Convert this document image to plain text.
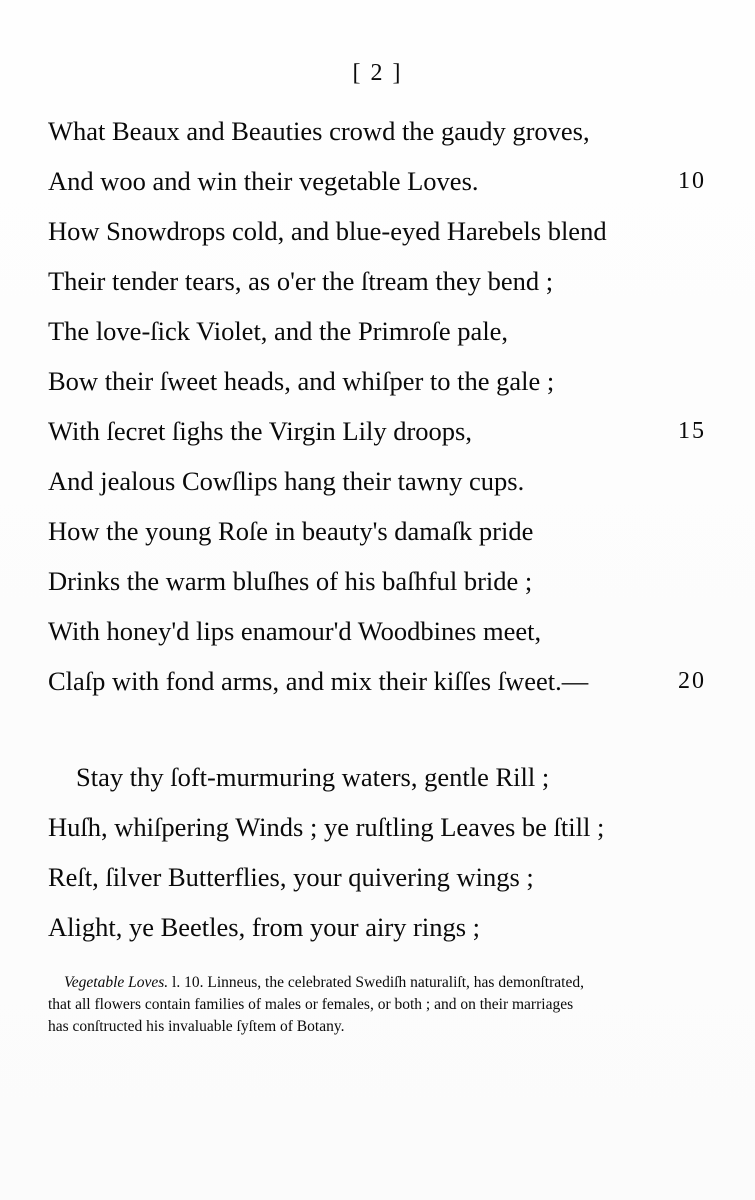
[ 2 ]
What Beaux and Beauties crowd the gaudy groves,
And woo and win their vegetable Loves.	10
How Snowdrops cold, and blue-eyed Harebels blend
Their tender tears, as o'er the ſtream they bend ;
The love-ſick Violet, and the Primroſe pale,
Bow their ſweet heads, and whiſper to the gale ;
With ſecret ſighs the Virgin Lily droops,	15
And jealous Cowſlips hang their tawny cups.
How the young Roſe in beauty's damaſk pride
Drinks the warm bluſhes of his baſhful bride ;
With honey'd lips enamour'd Woodbines meet,
Claſp with fond arms, and mix their kiſſes ſweet.—	20
Stay thy ſoft-murmuring waters, gentle Rill ;
Huſh, whiſpering Winds ; ye ruſtling Leaves be ſtill ;
Reſt, ſilver Butterflies, your quivering wings ;
Alight, ye Beetles, from your airy rings ;
Vegetable Loves. l. 10. Linneus, the celebrated Swediſh naturaliſt, has demonſtrated,
that all flowers contain families of males or females, or both ; and on their marriages
has conſtructed his invaluable ſyſtem of Botany.
